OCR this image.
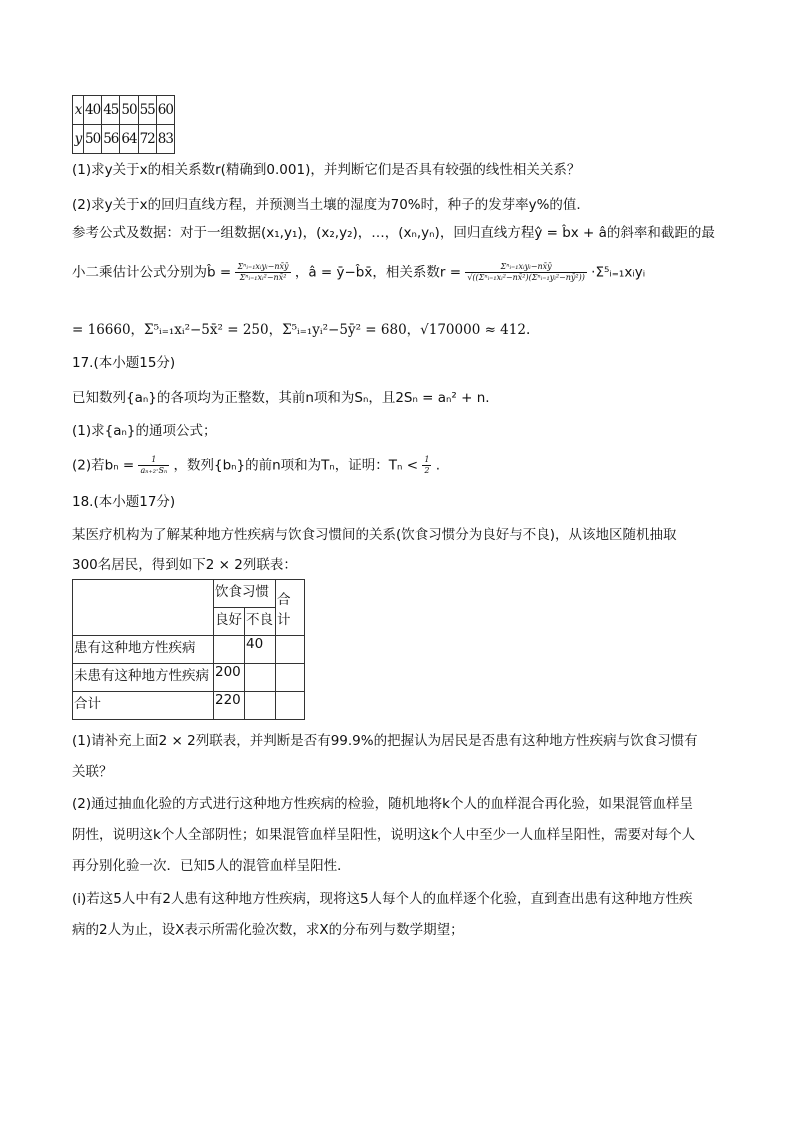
x	40	45	50	55	60
y	50	56	64	72	83
(1)求y关于x的相关系数r(精确到0.001)，并判断它们是否具有较强的线性相关关系？
(2)求y关于x的回归直线方程，并预测当土壤的湿度为70%时，种子的发芽率y%的值.
参考公式及数据：对于一组数据(x₁,y₁)，(x₂,y₂)，…，(xₙ,yₙ)，回归直线方程ŷ = b̂x + â的斜率和截距的最
小二乘估计公式分别为b̂ = $\frac{\text{Σⁿᵢ₌₁xᵢyᵢ−nx̄ȳ}}{\text{Σⁿᵢ₌₁xᵢ²−nx̄²}}$ ，â = ȳ−b̂x̄，相关系数$r = \frac{\text{Σⁿᵢ₌₁xᵢyᵢ−nx̄ȳ}}{\text{√((Σⁿᵢ₌₁xᵢ²−nx̄²)(Σⁿᵢ₌₁yᵢ²−nȳ²))}}$ ·Σ⁵ᵢ₌₁xᵢyᵢ
= 16660，Σ⁵ᵢ₌₁xᵢ²−5x̄² = 250，Σ⁵ᵢ₌₁yᵢ²−5ȳ² = 680，√170000 ≈ 412.
17.(本小题15分)
已知数列{aₙ}的各项均为正整数，其前n项和为Sₙ，且2Sₙ = aₙ² + n.
(1)求{aₙ}的通项公式；
(2)若$b_n = \frac{1}{\text{aₙ₊₂·Sₙ}}$ ，数列{bₙ}的前n项和为Tₙ，证明：$T_n < \frac{1}{2}$ .
18.(本小题17分)
某医疗机构为了解某种地方性疾病与饮食习惯间的关系(饮食习惯分为良好与不良)，从该地区随机抽取
300名居民，得到如下2 × 2列联表：
	饮食习惯		合计
	良好	不良	
患有这种地方性疾病		40	
未患有这种地方性疾病	200		
合计	220		
(1)请补充上面2 × 2列联表，并判断是否有99.9%的把握认为居民是否患有这种地方性疾病与饮食习惯有
关联？
(2)通过抽血化验的方式进行这种地方性疾病的检验，随机地将k个人的血样混合再化验，如果混管血样呈
阴性，说明这k个人全部阴性；如果混管血样呈阳性，说明这k个人中至少一人血样呈阳性，需要对每个人
再分别化验一次．已知5人的混管血样呈阳性．
(ⅰ)若这5人中有2人患有这种地方性疾病，现将这5人每个人的血样逐个化验，直到查出患有这种地方性疾
病的2人为止，设X表示所需化验次数，求X的分布列与数学期望；
